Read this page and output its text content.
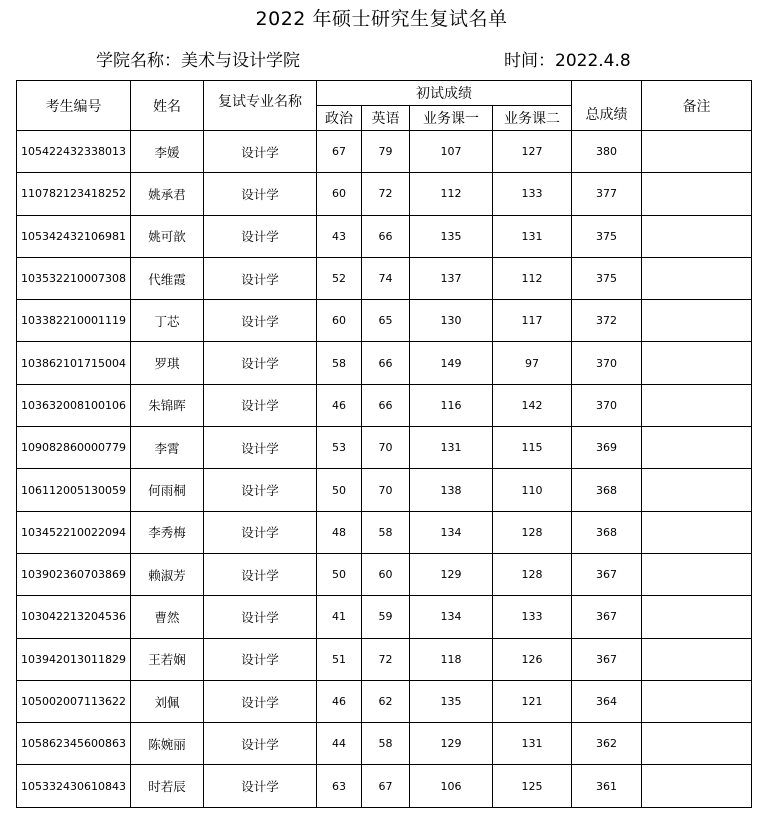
2022 年硕士研究生复试名单
学院名称：美术与设计学院	时间：2022.4.8
考生编号	姓名	复试专业名称	初试成绩				总成绩	备注
			政治	英语	业务课一	业务课二		
105422432338013	李媛	设计学	67	79	107	127	380	
110782123418252	姚承君	设计学	60	72	112	133	377	
105342432106981	姚可歆	设计学	43	66	135	131	375	
103532210007308	代维霞	设计学	52	74	137	112	375	
103382210001119	丁芯	设计学	60	65	130	117	372	
103862101715004	罗琪	设计学	58	66	149	97	370	
103632008100106	朱锦晖	设计学	46	66	116	142	370	
109082860000779	李霄	设计学	53	70	131	115	369	
106112005130059	何雨桐	设计学	50	70	138	110	368	
103452210022094	李秀梅	设计学	48	58	134	128	368	
103902360703869	赖淑芳	设计学	50	60	129	128	367	
103042213204536	曹然	设计学	41	59	134	133	367	
103942013011829	王若娴	设计学	51	72	118	126	367	
105002007113622	刘佩	设计学	46	62	135	121	364	
105862345600863	陈婉丽	设计学	44	58	129	131	362	
105332430610843	时若辰	设计学	63	67	106	125	361	
